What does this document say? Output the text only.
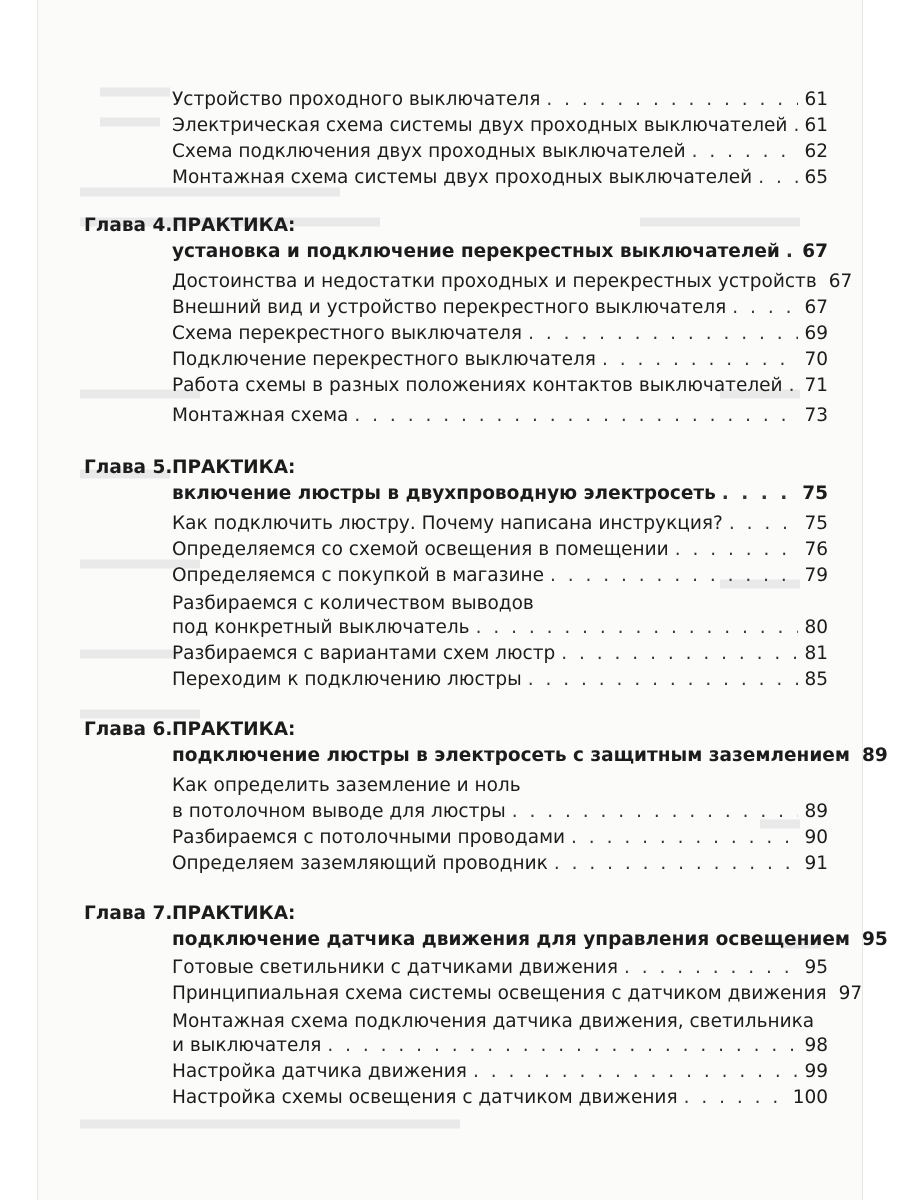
Устройство проходного выключателя . . .	61
Электрическая схема системы двух проходных выключателей . . . 61
Схема подключения двух проходных выключателей . . .	62
Монтажная схема системы двух проходных выключателей . . .	65
Глава 4. ПРАКТИКА:
установка и подключение перекрестных выключателей . . . 67
Достоинства и недостатки проходных и перекрестных устройств 67
Внешний вид и устройство перекрестного выключателя . . .	67
Схема перекрестного выключателя . . .	69
Подключение перекрестного выключателя . . .	70
Работа схемы в разных положениях контактов выключателей . . . 71
Монтажная схема . . .	73
Глава 5. ПРАКТИКА:
включение люстры в двухпроводную электросеть . . .	75
Как подключить люстру. Почему написана инструкция? . . .	75
Определяемся со схемой освещения в помещении . . .	76
Определяемся с покупкой в магазине . . .	79
Разбираемся с количеством выводов
под конкретный выключатель . . .	80
Разбираемся с вариантами схем люстр . . .	81
Переходим к подключению люстры . . .	85
Глава 6. ПРАКТИКА:
подключение люстры в электросеть с защитным заземлением 89
Как определить заземление и ноль
в потолочном выводе для люстры . . .	89
Разбираемся с потолочными проводами . . .	90
Определяем заземляющий проводник . . .	91
Глава 7. ПРАКТИКА:
подключение датчика движения для управления освещением 95
Готовые светильники с датчиками движения . . .	95
Принципиальная схема системы освещения с датчиком движения 97
Монтажная схема подключения датчика движения, светильника
и выключателя . . .	98
Настройка датчика движения . . .	99
Настройка схемы освещения с датчиком движения . . .	100
